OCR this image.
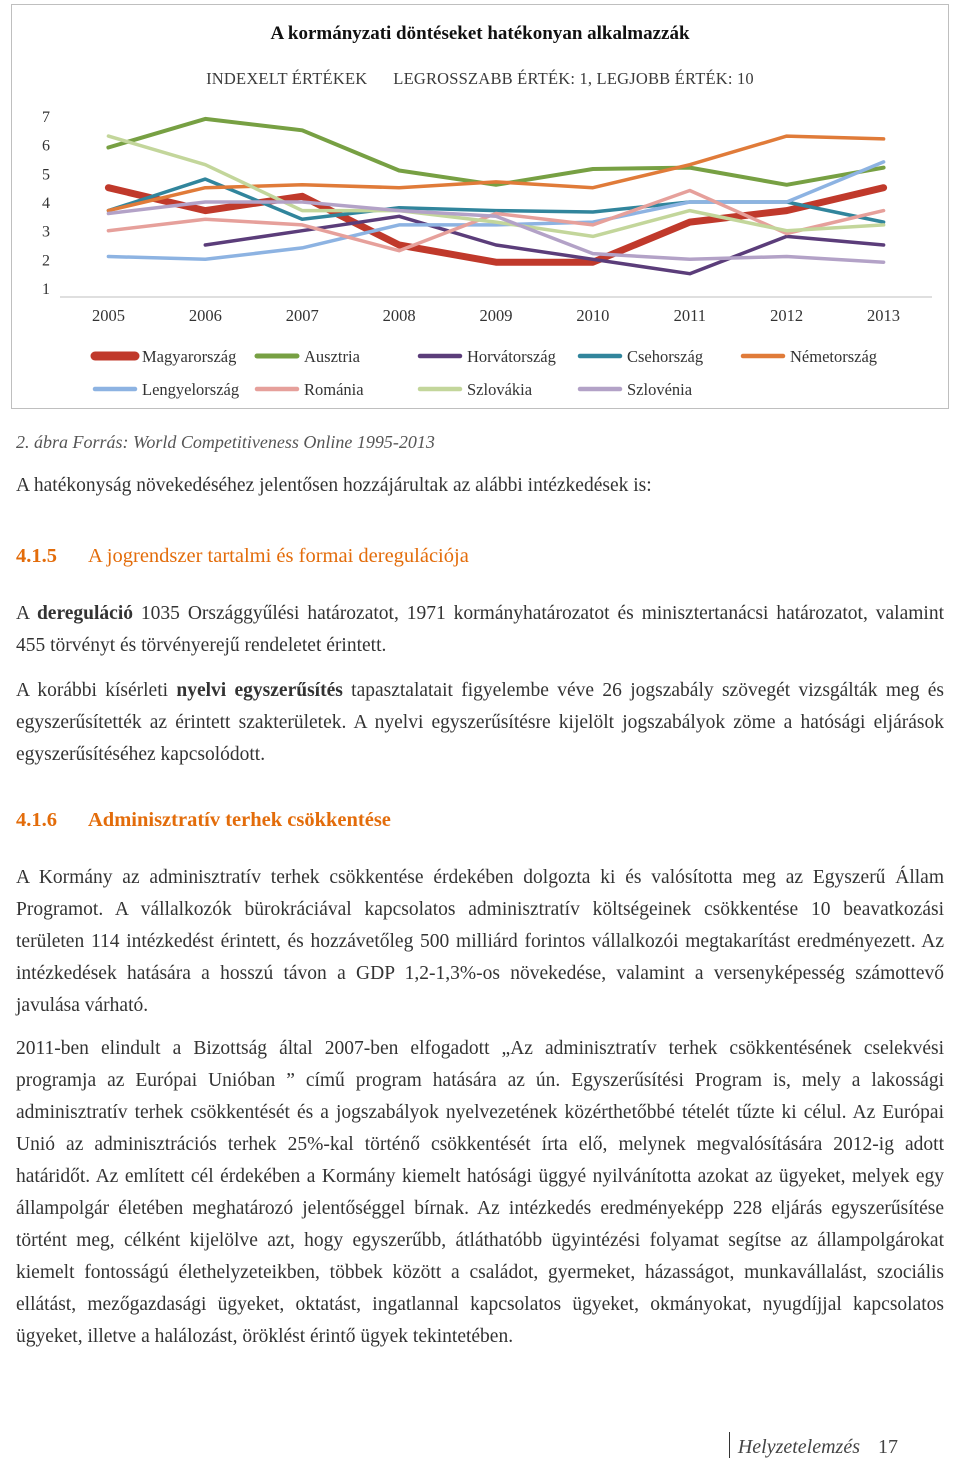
A kormányzati döntéseket hatékonyan alkalmazzák
INDEXELT ÉRTÉKEK LEGROSSZABB ÉRTÉK: 1, LEGJOBB ÉRTÉK: 10
1
2
3
4
5
6
7
2005	2006	2007	2008	2009	2010	2011	2012	2013
Magyarország	Ausztria	Horvátország	Csehország	Németország
Lengyelország	Románia	Szlovákia	Szlovénia
2. ábra Forrás: World Competitiveness Online 1995-2013
A hatékonyság növekedéséhez jelentősen hozzájárultak az alábbi intézkedések is:
4.1.5 A jogrendszer tartalmi és formai deregulációja
A dereguláció 1035 Országgyűlési határozatot, 1971 kormányhatározatot és minisztertanácsi határozatot, valamint 455 törvényt és törvényerejű rendeletet érintett.
A korábbi kísérleti nyelvi egyszerűsítés tapasztalatait figyelembe véve 26 jogszabály szövegét vizsgálták meg és egyszerűsítették az érintett szakterületek. A nyelvi egyszerűsítésre kijelölt jogszabályok zöme a hatósági eljárások egyszerűsítéséhez kapcsolódott.
4.1.6 Adminisztratív terhek csökkentése
A Kormány az adminisztratív terhek csökkentése érdekében dolgozta ki és valósította meg az Egyszerű Állam Programot. A vállalkozók bürokráciával kapcsolatos adminisztratív költségeinek csökkentése 10 beavatkozási területen 114 intézkedést érintett, és hozzávetőleg 500 milliárd forintos vállalkozói megtakarítást eredményezett. Az intézkedések hatására a hosszú távon a GDP 1,2-1,3%-os növekedése, valamint a versenyképesség számottevő javulása várható.
2011-ben elindult a Bizottság által 2007-ben elfogadott „Az adminisztratív terhek csökkentésének cselekvési programja az Európai Unióban ” című program hatására az ún. Egyszerűsítési Program is, mely a lakossági adminisztratív terhek csökkentését és a jogszabályok nyelvezetének közérthetőbbé tételét tűzte ki célul. Az Európai Unió az adminisztrációs terhek 25%-kal történő csökkentését írta elő, melynek megvalósítására 2012-ig adott határidőt. Az említett cél érdekében a Kormány kiemelt hatósági üggyé nyilvánította azokat az ügyeket, melyek egy állampolgár életében meghatározó jelentőséggel bírnak. Az intézkedés eredményeképp 228 eljárás egyszerűsítése történt meg, célként kijelölve azt, hogy egyszerűbb, átláthatóbb ügyintézési folyamat segítse az állampolgárokat kiemelt fontosságú élethelyzeteikben, többek között a családot, gyermeket, házasságot, munkavállalást, szociális ellátást, mezőgazdasági ügyeket, oktatást, ingatlannal kapcsolatos ügyeket, okmányokat, nyugdíjjal kapcsolatos ügyeket, illetve a halálozást, öröklést érintő ügyek tekintetében.
Helyzetelemzés 17
